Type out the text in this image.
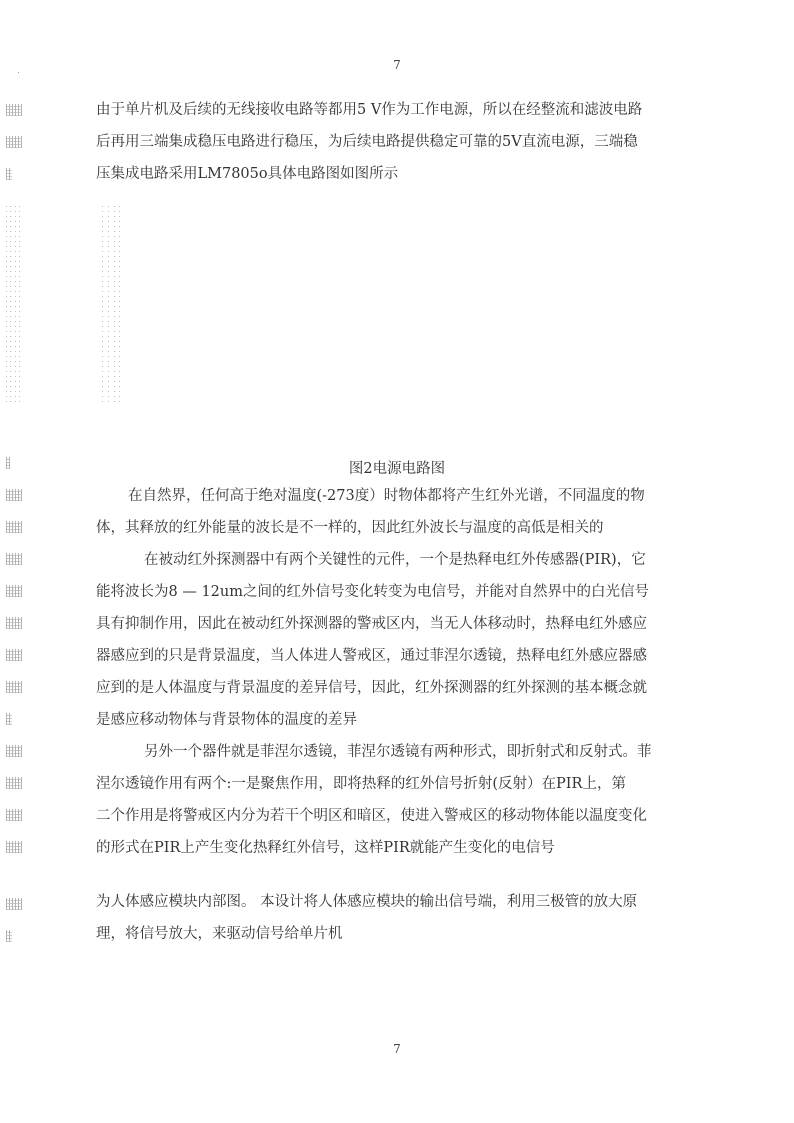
7
由于单片机及后续的无线接收电路等都用5 V作为工作电源，所以在经整流和滤波电路
后再用三端集成稳压电路进行稳压，为后续电路提供稳定可靠的5V直流电源，三端稳
压集成电路采用LM7805o具体电路图如图所示
图2电源电路图
在自然界，任何高于绝对温度(-273度）时物体都将产生红外光谱，不同温度的物
体，其释放的红外能量的波长是不一样的，因此红外波长与温度的高低是相关的
在被动红外探测器中有两个关键性的元件，一个是热释电红外传感器(PIR)，它
能将波长为8 — 12um之间的红外信号变化转变为电信号，并能对自然界中的白光信号
具有抑制作用，因此在被动红外探测器的警戒区内，当无人体移动时，热释电红外感应
器感应到的只是背景温度，当人体进人警戒区，通过菲涅尔透镜，热释电红外感应器感
应到的是人体温度与背景温度的差异信号，因此，红外探测器的红外探测的基本概念就
是感应移动物体与背景物体的温度的差异
另外一个器件就是菲涅尔透镜，菲涅尔透镜有两种形式，即折射式和反射式。菲
涅尔透镜作用有两个:一是聚焦作用，即将热释的红外信号折射(反射）在PIR上，第
二个作用是将警戒区内分为若干个明区和暗区，使进入警戒区的移动物体能以温度变化
的形式在PIR上产生变化热释红外信号，这样PIR就能产生变化的电信号
为人体感应模块内部图。 本设计将人体感应模块的输出信号端，利用三极管的放大原
理，将信号放大，来驱动信号给单片机
7
